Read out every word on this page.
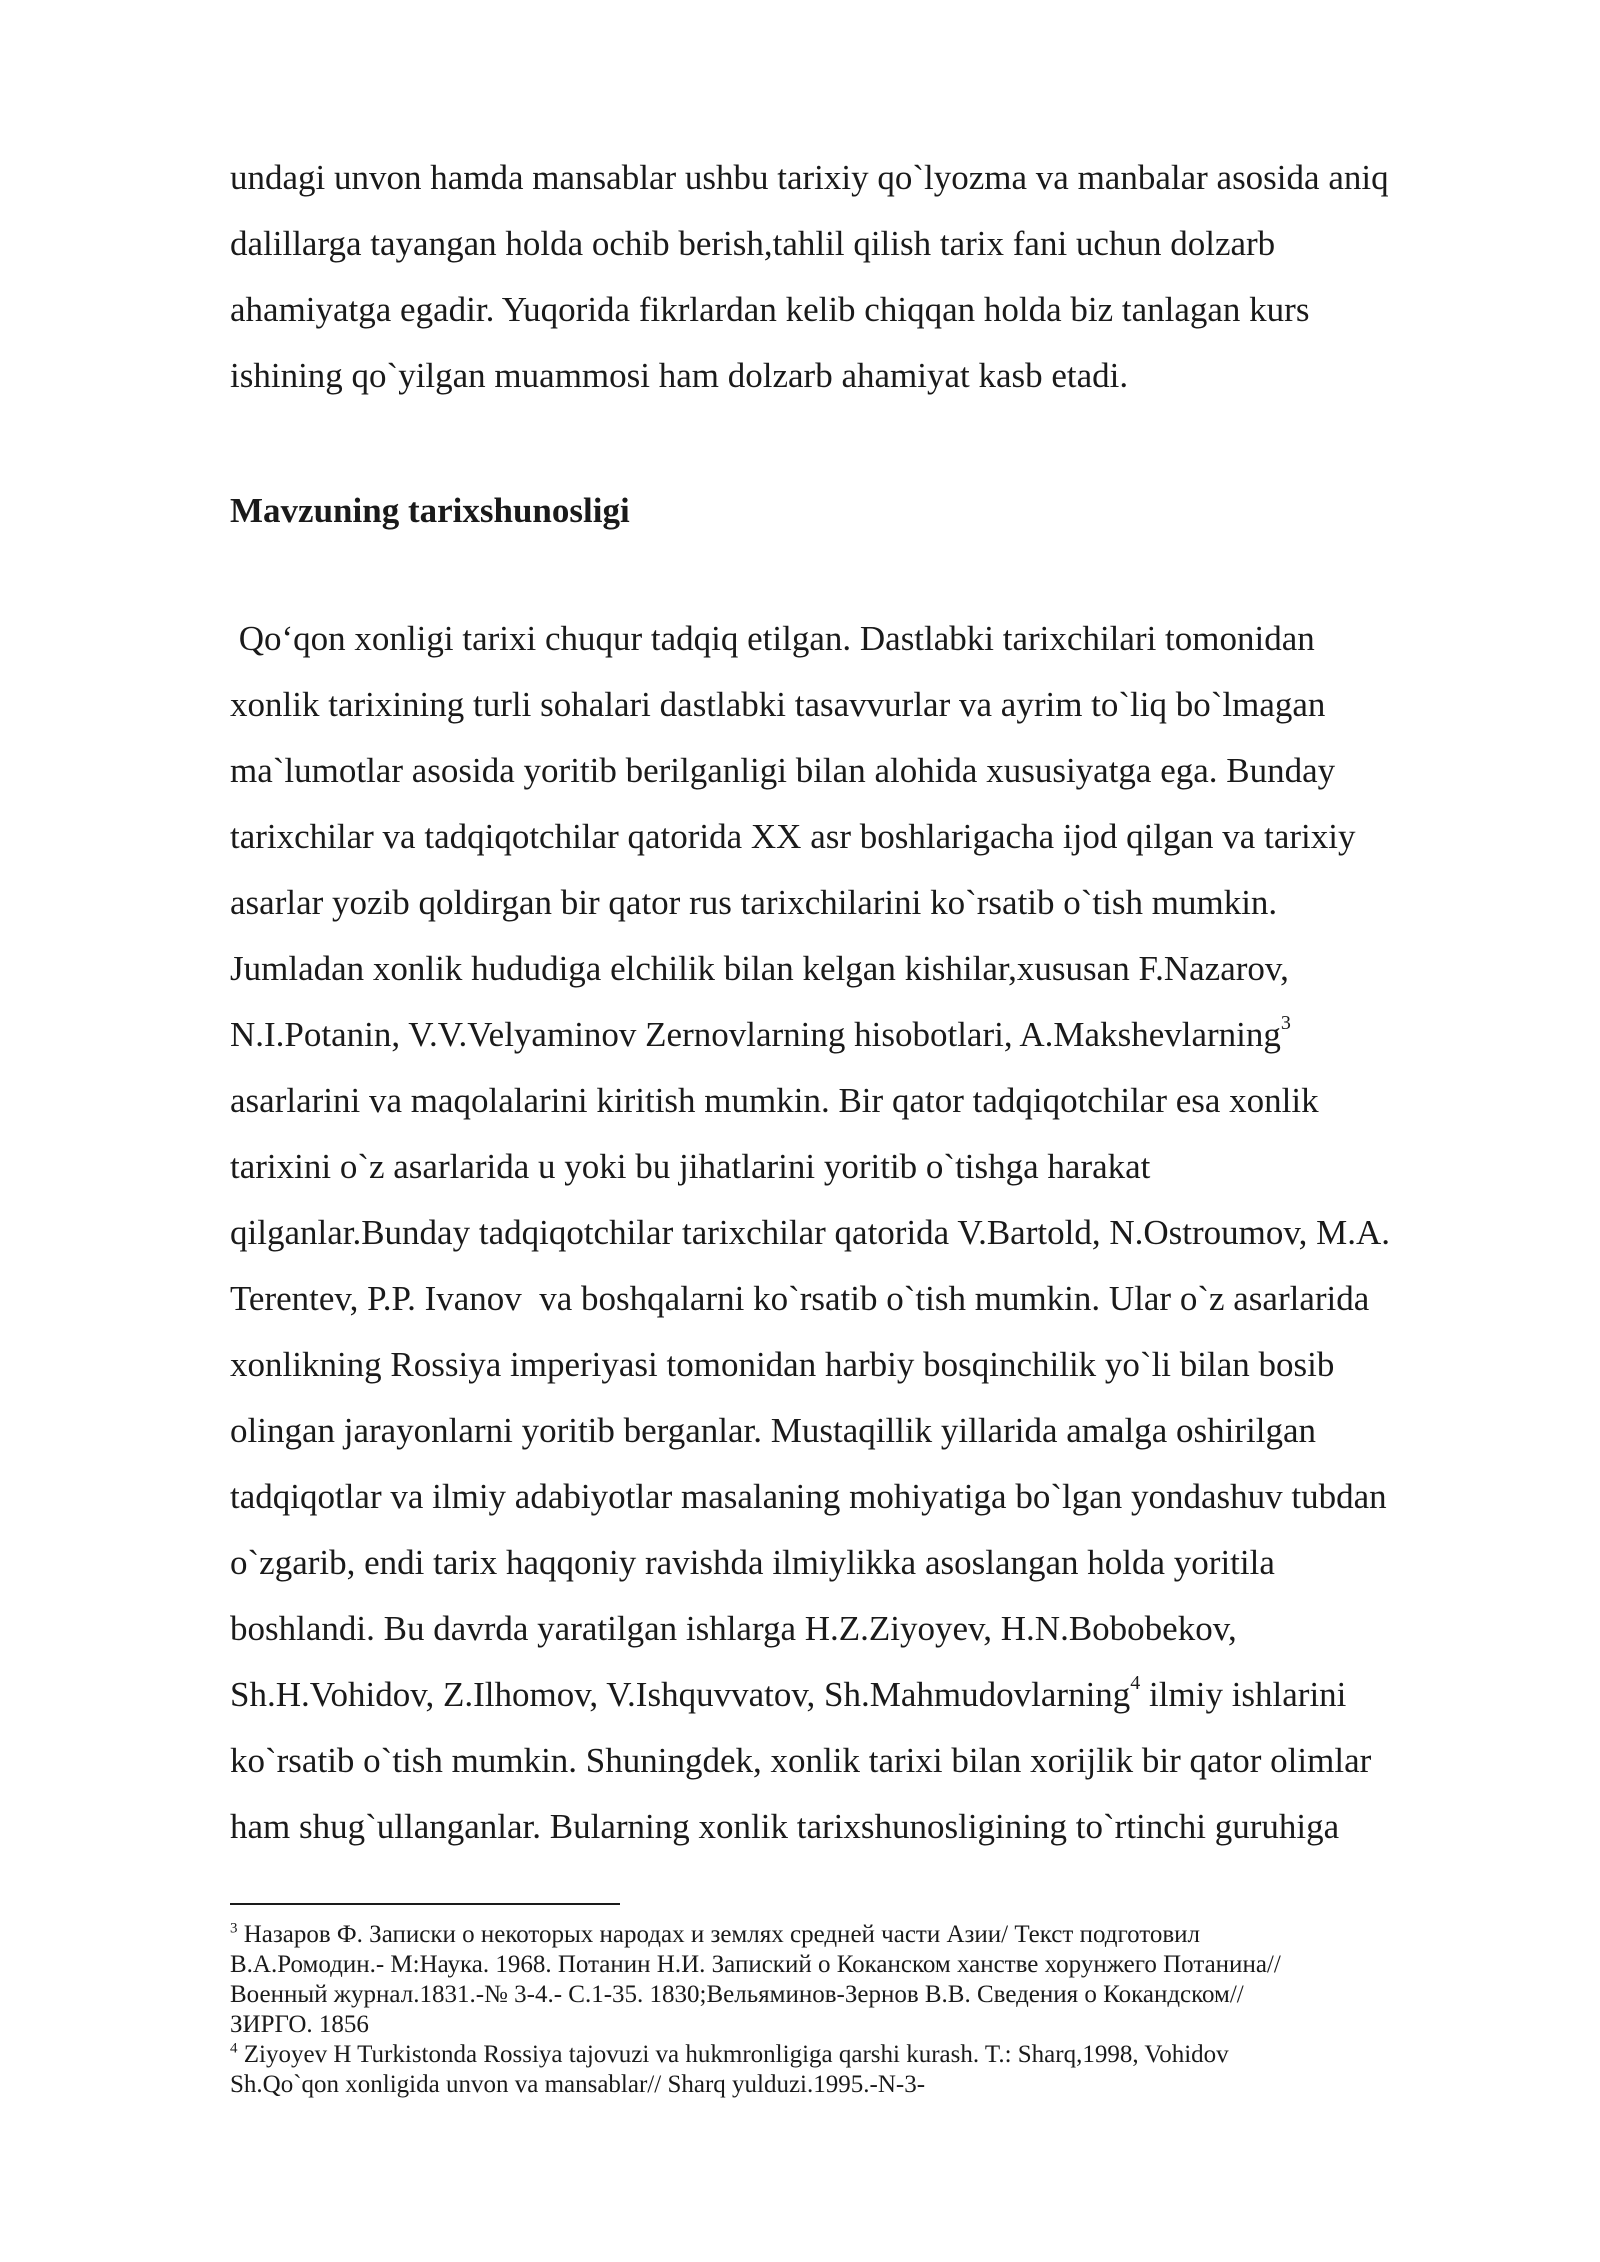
undagi unvon hamda mansablar ushbu tarixiy qo`lyozma va manbalar asosida aniq
dalillarga tayangan holda ochib berish,tahlil qilish tarix fani uchun dolzarb
ahamiyatga egadir. Yuqorida fikrlardan kelib chiqqan holda biz tanlagan kurs
ishining qo`yilgan muammosi ham dolzarb ahamiyat kasb etadi.

Mavzuning tarixshunosligi

Qo‘qon xonligi tarixi chuqur tadqiq etilgan. Dastlabki tarixchilari tomonidan
xonlik tarixining turli sohalari dastlabki tasavvurlar va ayrim to`liq bo`lmagan
ma`lumotlar asosida yoritib berilganligi bilan alohida xususiyatga ega. Bunday
tarixchilar va tadqiqotchilar qatorida XX asr boshlarigacha ijod qilgan va tarixiy
asarlar yozib qoldirgan bir qator rus tarixchilarini ko`rsatib o`tish mumkin.
Jumladan xonlik hududiga elchilik bilan kelgan kishilar,xususan F.Nazarov,
N.I.Potanin, V.V.Velyaminov Zernovlarning hisobotlari, A.Makshevlarning$^3$
asarlarini va maqolalarini kiritish mumkin. Bir qator tadqiqotchilar esa xonlik
tarixini o`z asarlarida u yoki bu jihatlarini yoritib o`tishga harakat
qilganlar.Bunday tadqiqotchilar tarixchilar qatorida V.Bartold, N.Ostroumov, M.A.
Terentev, P.P. Ivanov  va boshqalarni ko`rsatib o`tish mumkin. Ular o`z asarlarida
xonlikning Rossiya imperiyasi tomonidan harbiy bosqinchilik yo`li bilan bosib
olingan jarayonlarni yoritib berganlar. Mustaqillik yillarida amalga oshirilgan
tadqiqotlar va ilmiy adabiyotlar masalaning mohiyatiga bo`lgan yondashuv tubdan
o`zgarib, endi tarix haqqoniy ravishda ilmiylikka asoslangan holda yoritila
boshlandi. Bu davrda yaratilgan ishlarga H.Z.Ziyoyev, H.N.Bobobekov,
Sh.H.Vohidov, Z.Ilhomov, V.Ishquvvatov, Sh.Mahmudovlarning$^4$ ilmiy ishlarini
ko`rsatib o`tish mumkin. Shuningdek, xonlik tarixi bilan xorijlik bir qator olimlar
ham shug`ullanganlar. Bularning xonlik tarixshunosligining to`rtinchi guruhiga

$^3$ Назаров Ф. Записки о некоторых народах и землях средней части Азии/ Текст подготовил
В.А.Ромодин.- М:Наука. 1968. Потанин Н.И. Запиский о Коканском ханстве хорунжего Потанина//
Военный журнал.1831.-№ 3-4.- С.1-35. 1830;Вельяминов-Зернов В.В. Сведения о Кокандском//
ЗИРГО. 1856
$^4$ Ziyoyev H Turkistonda Rossiya tajovuzi va hukmronligiga qarshi kurash. T.: Sharq,1998, Vohidov
Sh.Qo`qon xonligida unvon va mansablar// Sharq yulduzi.1995.-N-3-
